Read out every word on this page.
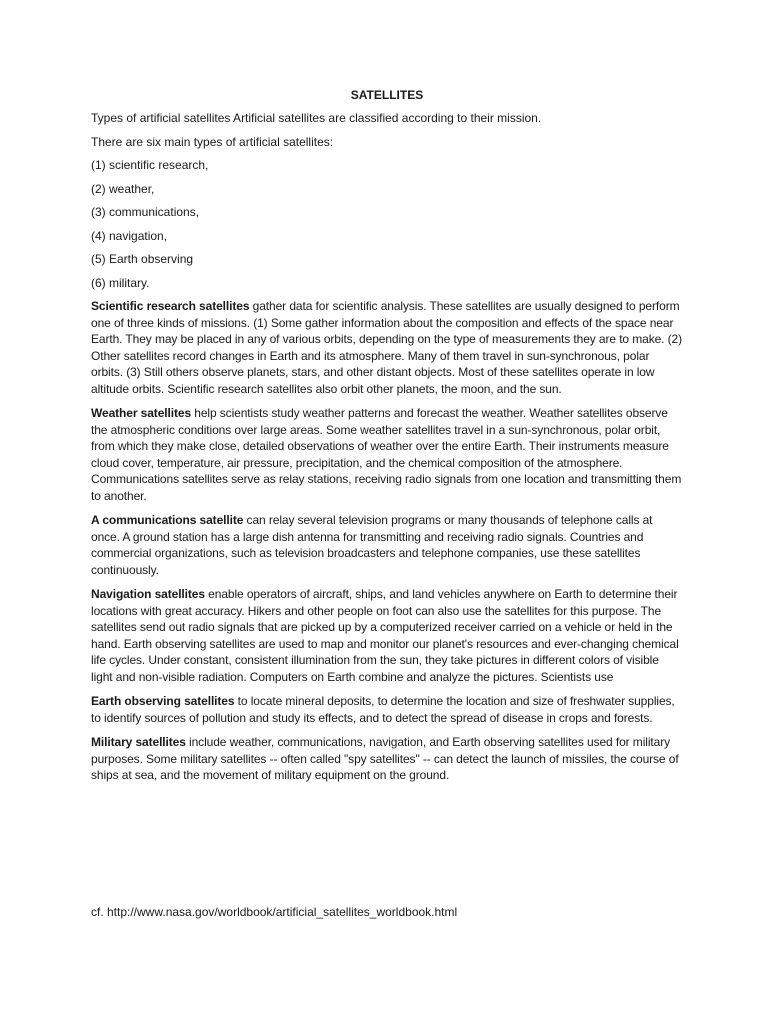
SATELLITES
Types of artificial satellites Artificial satellites are classified according to their mission.
There are six main types of artificial satellites:
(1) scientific research,
(2) weather,
(3) communications,
(4) navigation,
(5) Earth observing
(6) military.

Scientific research satellites gather data for scientific analysis. These satellites are usually designed to perform one of three kinds of missions. (1) Some gather information about the composition and effects of the space near Earth. They may be placed in any of various orbits, depending on the type of measurements they are to make. (2) Other satellites record changes in Earth and its atmosphere. Many of them travel in sun-synchronous, polar orbits. (3) Still others observe planets, stars, and other distant objects. Most of these satellites operate in low altitude orbits. Scientific research satellites also orbit other planets, the moon, and the sun.

Weather satellites help scientists study weather patterns and forecast the weather. Weather satellites observe the atmospheric conditions over large areas. Some weather satellites travel in a sun-synchronous, polar orbit, from which they make close, detailed observations of weather over the entire Earth. Their instruments measure cloud cover, temperature, air pressure, precipitation, and the chemical composition of the atmosphere. Communications satellites serve as relay stations, receiving radio signals from one location and transmitting them to another.

A communications satellite can relay several television programs or many thousands of telephone calls at once. A ground station has a large dish antenna for transmitting and receiving radio signals. Countries and commercial organizations, such as television broadcasters and telephone companies, use these satellites continuously.

Navigation satellites enable operators of aircraft, ships, and land vehicles anywhere on Earth to determine their locations with great accuracy. Hikers and other people on foot can also use the satellites for this purpose. The satellites send out radio signals that are picked up by a computerized receiver carried on a vehicle or held in the hand. Earth observing satellites are used to map and monitor our planet's resources and ever-changing chemical life cycles. Under constant, consistent illumination from the sun, they take pictures in different colors of visible light and non-visible radiation. Computers on Earth combine and analyze the pictures. Scientists use

Earth observing satellites to locate mineral deposits, to determine the location and size of freshwater supplies, to identify sources of pollution and study its effects, and to detect the spread of disease in crops and forests.

Military satellites include weather, communications, navigation, and Earth observing satellites used for military purposes. Some military satellites -- often called "spy satellites" -- can detect the launch of missiles, the course of ships at sea, and the movement of military equipment on the ground.

cf. http://www.nasa.gov/worldbook/artificial_satellites_worldbook.html
